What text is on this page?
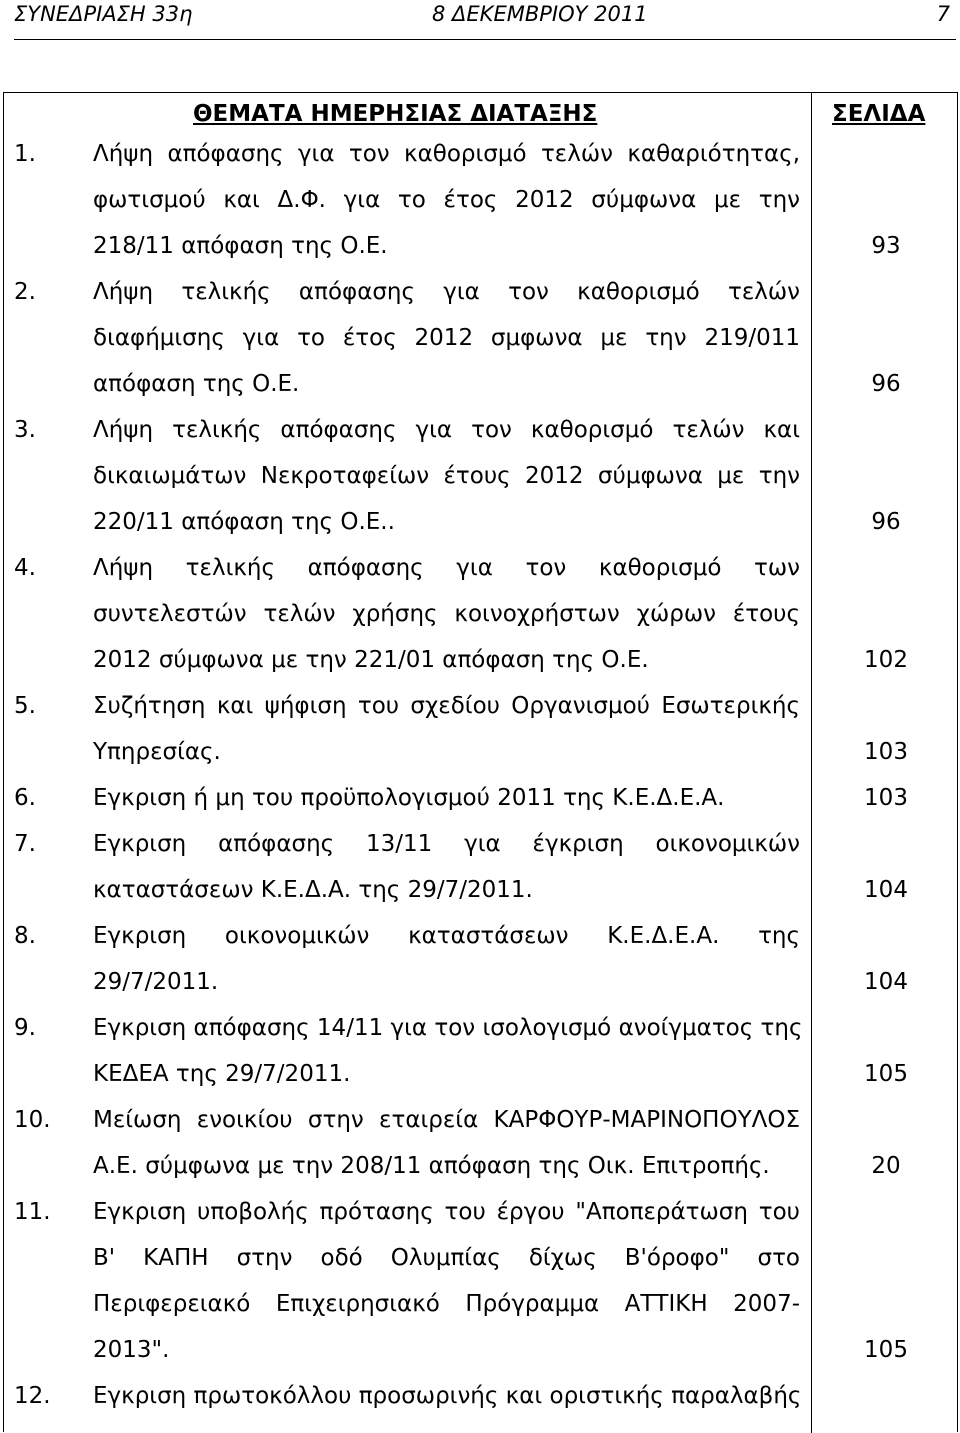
ΣΥΝΕΔΡΙΑΣΗ 33η	8 ΔΕΚΕΜΒΡΙΟΥ 2011	7
ΘΕΜΑΤΑ ΗΜΕΡΗΣΙΑΣ ΔΙΑΤΑΞΗΣ	ΣΕΛΙΔΑ
1. Λήψη απόφασης για τον καθορισμό τελών καθαριότητας,
φωτισμού και Δ.Φ. για το έτος 2012 σύμφωνα με την
218/11 απόφαση της Ο.Ε.	93
2. Λήψη τελικής απόφασης για τον καθορισμό τελών
διαφήμισης για το έτος 2012 σμφωνα με την 219/011
απόφαση της Ο.Ε.	96
3. Λήψη τελικής απόφασης για τον καθορισμό τελών και
δικαιωμάτων Νεκροταφείων έτους 2012 σύμφωνα με την
220/11 απόφαση της Ο.Ε..	96
4. Λήψη τελικής απόφασης για τον καθορισμό των
συντελεστών τελών χρήσης κοινοχρήστων χώρων έτους
2012 σύμφωνα με την 221/01 απόφαση της Ο.Ε.	102
5. Συζήτηση και ψήφιση του σχεδίου Οργανισμού Εσωτερικής
Υπηρεσίας.	103
6. Εγκριση ή μη του προϋπολογισμού 2011 της Κ.Ε.Δ.Ε.Α.	103
7. Εγκριση απόφασης 13/11 για έγκριση οικονομικών
καταστάσεων Κ.Ε.Δ.Α. της 29/7/2011.	104
8. Εγκριση οικονομικών καταστάσεων Κ.Ε.Δ.Ε.Α. της
29/7/2011.	104
9. Εγκριση απόφασης 14/11 για τον ισολογισμό ανοίγματος της
ΚΕΔΕΑ της 29/7/2011.	105
10. Μείωση ενοικίου στην εταιρεία ΚΑΡΦΟΥΡ-ΜΑΡΙΝΟΠΟΥΛΟΣ
Α.Ε. σύμφωνα με την 208/11 απόφαση της Οικ. Επιτροπής.	20
11. Εγκριση υποβολής πρότασης του έργου "Αποπεράτωση του
Β' ΚΑΠΗ στην οδό Ολυμπίας δίχως Β'όροφο" στο
Περιφερειακό Επιχειρησιακό Πρόγραμμα ΑΤΤΙΚΗ 2007-
2013".	105
12. Εγκριση πρωτοκόλλου προσωρινής και οριστικής παραλαβής
